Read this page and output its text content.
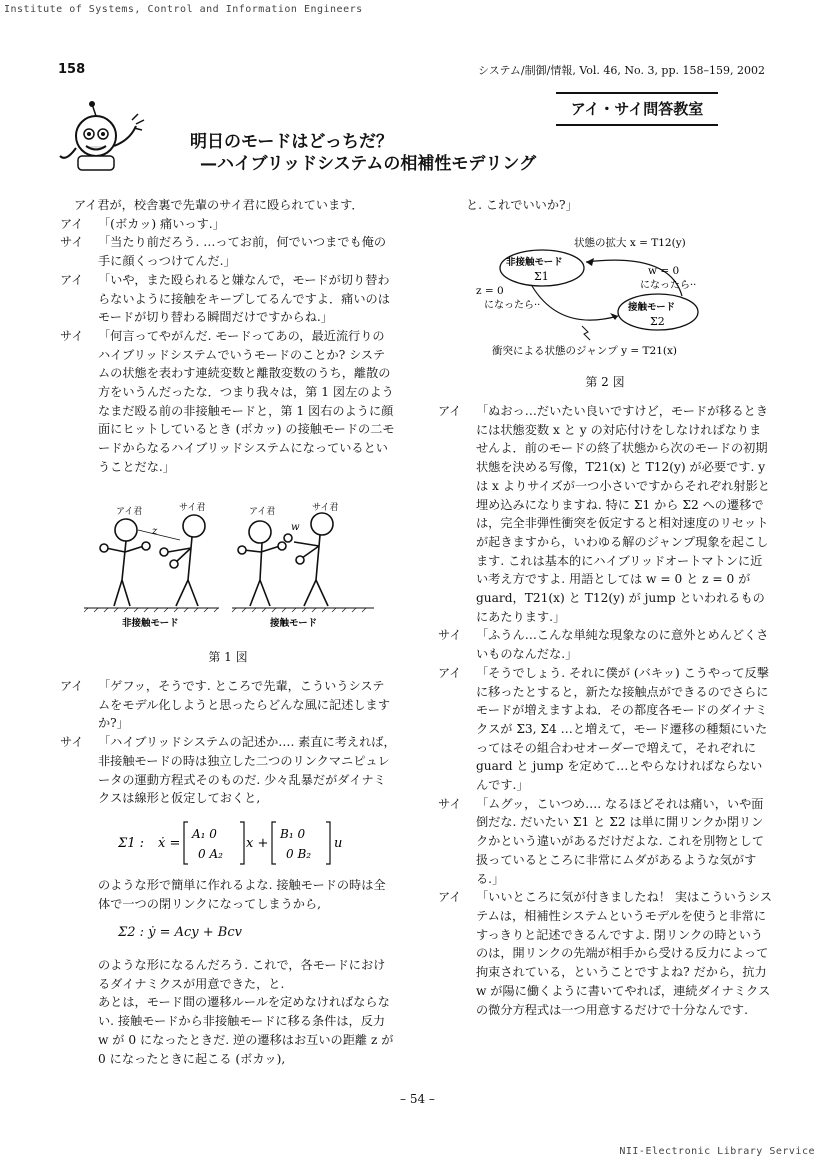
Institute of Systems, Control and Information Engineers
158	システム/制御/情報, Vol. 46, No. 3, pp. 158–159, 2002
アイ・サイ問答教室
明日のモードはどっちだ？
—ハイブリッドシステムの相補性モデリング

アイ君が，校舎裏で先輩のサイ君に殴られています．

アイ 「(ボカッ) 痛いっす.」

サイ 「当たり前だろう. …ってお前，何でいつまでも俺の手に顔くっつけてんだ.」

アイ 「いや，また殴られると嫌なんで，モードが切り替わらないように接触をキープしてるんですよ．痛いのはモードが切り替わる瞬間だけですからね.」

サイ 「何言ってやがんだ. モードってあの，最近流行りのハイブリッドシステムでいうモードのことか? システムの状態を表わす連続変数と離散変数のうち，離散の方をいうんだったな．つまり我々は，第 1 図左のようなまだ殴る前の非接触モードと，第 1 図右のように顔面にヒットしているとき (ボカッ) の接触モードの二モードからなるハイブリッドシステムになっているということだな.」

アイ君	サイ君
z
アイ君	サイ君
w
非接触モード	接触モード
第 1 図

アイ 「ゲフッ，そうです. ところで先輩，こういうシステムをモデル化しようと思ったらどんな風に記述しますか?」

サイ 「ハイブリッドシステムの記述か…. 素直に考えれば，非接触モードの時は独立した二つのリンクマニピュレータの運動方程式そのものだ. 少々乱暴だがダイナミクスは線形と仮定しておくと,

Σ1 : ẋ =
A₁ 0
0 A₂
x +
B₁ 0
0 B₂
u

のような形で簡単に作れるよな. 接触モードの時は全体で一つの閉リンクになってしまうから,

Σ2 : ẏ = Acy + Bcv

のような形になるんだろう. これで，各モードにおけるダイナミクスが用意できた，と.

あとは，モード間の遷移ルールを定めなければならない. 接触モードから非接触モードに移る条件は，反力 w が 0 になったときだ. 逆の遷移はお互いの距離 z が 0 になったときに起こる (ボカッ),

と. これでいいか?」

状態の拡大 x = T12(y)
非接触モード
Σ1
接触モード
Σ2
w = 0
になったら··
z = 0
になったら··
衝突による状態のジャンプ y = T21(x)
第 2 図

アイ 「ぬおっ…だいたい良いですけど，モードが移るときには状態変数 x と y の対応付けをしなければなりませんよ．前のモードの終了状態から次のモードの初期状態を決める写像，T21(x) と T12(y) が必要です. y は x よりサイズが一つ小さいですからそれぞれ射影と埋め込みになりますね. 特に Σ1 から Σ2 への遷移では，完全非弾性衝突を仮定すると相対速度のリセットが起きますから，いわゆる解のジャンプ現象を起こします. これは基本的にハイブリッドオートマトンに近い考え方ですよ. 用語としては w = 0 と z = 0 が guard，T21(x) と T12(y) が jump といわれるものにあたります.」

サイ 「ふうん…こんな単純な現象なのに意外とめんどくさいものなんだな.」

アイ 「そうでしょう. それに僕が (バキッ) こうやって反撃に移ったとすると，新たな接触点ができるのでさらにモードが増えますよね．その都度各モードのダイナミクスが Σ3, Σ4 …と増えて，モード遷移の種類にいたってはその組合わせオーダーで増えて，それぞれに guard と jump を定めて…とやらなければならないんです.」

サイ 「ムグッ，こいつめ…. なるほどそれは痛い，いや面倒だな. だいたい Σ1 と Σ2 は単に開リンクか閉リンクかという違いがあるだけだよな. これを別物として扱っているところに非常にムダがあるような気がする.」

アイ 「いいところに気が付きましたね！ 実はこういうシステムは，相補性システムというモデルを使うと非常にすっきりと記述できるんですよ. 閉リンクの時というのは，開リンクの先端が相手から受ける反力によって拘束されている，ということですよね? だから，抗力 w が陽に働くように書いてやれば，連続ダイナミクスの微分方程式は一つ用意するだけで十分なんです.

– 54 –
NII-Electronic Library Service
